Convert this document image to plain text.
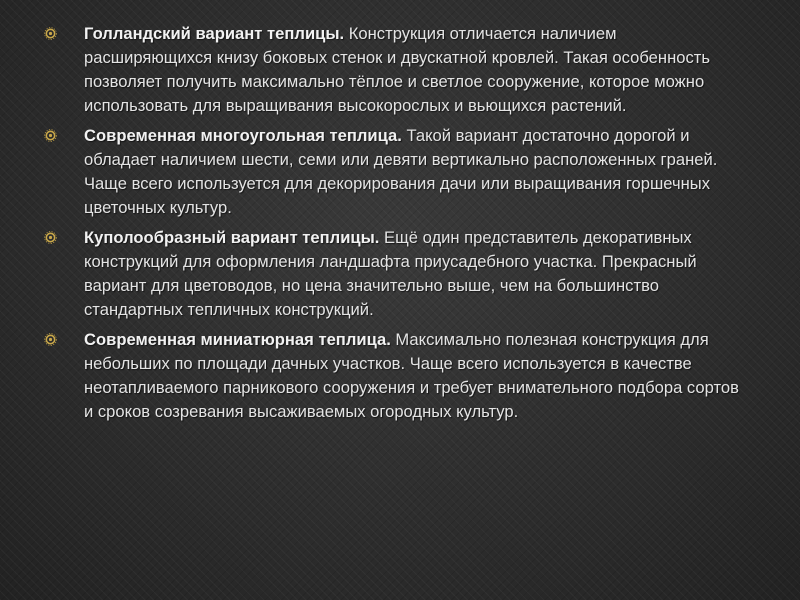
Голландский вариант теплицы. Конструкция отличается наличием расширяющихся книзу боковых стенок и двускатной кровлей. Такая особенность позволяет получить максимально тёплое и светлое сооружение, которое можно использовать для выращивания высокорослых и вьющихся растений.

Современная многоугольная теплица. Такой вариант достаточно дорогой и обладает наличием шести, семи или девяти вертикально расположенных граней. Чаще всего используется для декорирования дачи или выращивания горшечных цветочных культур.

Куполообразный вариант теплицы. Ещё один представитель декоративных конструкций для оформления ландшафта приусадебного участка. Прекрасный вариант для цветоводов, но цена значительно выше, чем на большинство стандартных тепличных конструкций.

Современная миниатюрная теплица. Максимально полезная конструкция для небольших по площади дачных участков. Чаще всего используется в качестве неотапливаемого парникового сооружения и требует внимательного подбора сортов и сроков созревания высаживаемых огородных культур.
